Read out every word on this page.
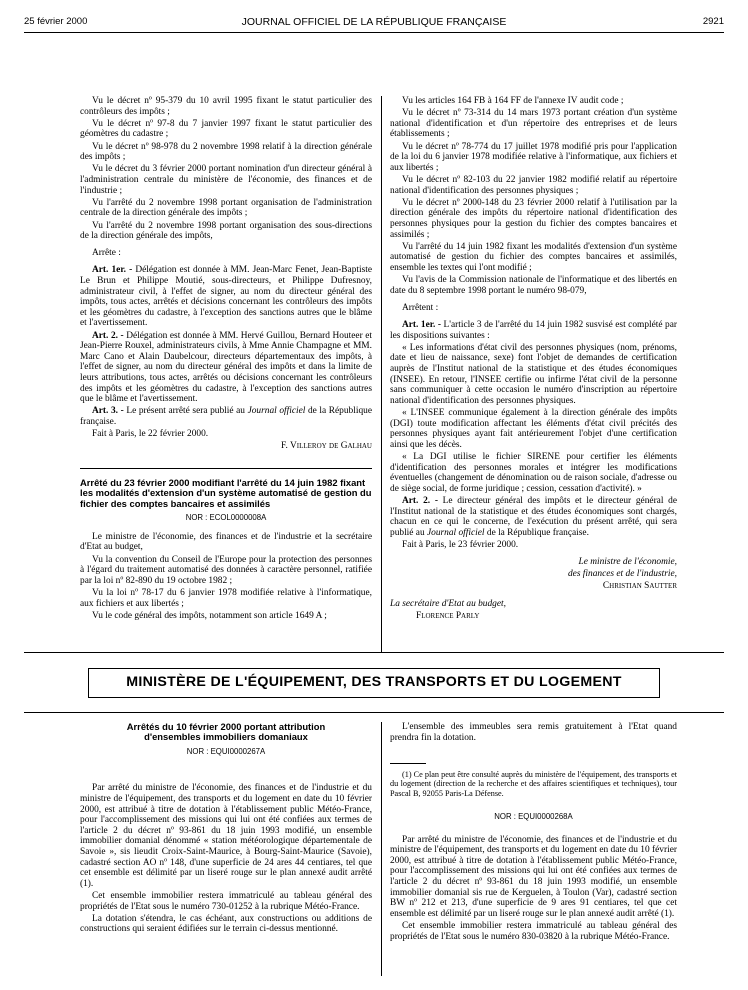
25 février 2000	JOURNAL OFFICIEL DE LA RÉPUBLIQUE FRANÇAISE	2921

Vu le décret nº 95-379 du 10 avril 1995 fixant le statut particulier des contrôleurs des impôts ;

Vu le décret nº 97-8 du 7 janvier 1997 fixant le statut particulier des géomètres du cadastre ;

Vu le décret nº 98-978 du 2 novembre 1998 relatif à la direction générale des impôts ;

Vu le décret du 3 février 2000 portant nomination d'un directeur général à l'administration centrale du ministère de l'économie, des finances et de l'industrie ;

Vu l'arrêté du 2 novembre 1998 portant organisation de l'administration centrale de la direction générale des impôts ;

Vu l'arrêté du 2 novembre 1998 portant organisation des sous-directions de la direction générale des impôts,

Arrête :

Art. 1er. - Délégation est donnée à MM. Jean-Marc Fenet, Jean-Baptiste Le Brun et Philippe Moutié, sous-directeurs, et Philippe Dufresnoy, administrateur civil, à l'effet de signer, au nom du directeur général des impôts, tous actes, arrêtés et décisions concernant les contrôleurs des impôts et les géomètres du cadastre, à l'exception des sanctions autres que le blâme et l'avertissement.

Art. 2. - Délégation est donnée à MM. Hervé Guillou, Bernard Houteer et Jean-Pierre Rouxel, administrateurs civils, à Mme Annie Champagne et MM. Marc Cano et Alain Daubelcour, directeurs départementaux des impôts, à l'effet de signer, au nom du directeur général des impôts et dans la limite de leurs attributions, tous actes, arrêtés ou décisions concernant les contrôleurs des impôts et les géomètres du cadastre, à l'exception des sanctions autres que le blâme et l'avertissement.

Art. 3. - Le présent arrêté sera publié au Journal officiel de la République française.

Fait à Paris, le 22 février 2000.

F. Villeroy de Galhau

Arrêté du 23 février 2000 modifiant l'arrêté du 14 juin 1982 fixant les modalités d'extension d'un système automatisé de gestion du fichier des comptes bancaires et assimilés

NOR : ECOL0000008A

Le ministre de l'économie, des finances et de l'industrie et la secrétaire d'Etat au budget,

Vu la convention du Conseil de l'Europe pour la protection des personnes à l'égard du traitement automatisé des données à caractère personnel, ratifiée par la loi nº 82-890 du 19 octobre 1982 ;

Vu la loi nº 78-17 du 6 janvier 1978 modifiée relative à l'informatique, aux fichiers et aux libertés ;

Vu le code général des impôts, notamment son article 1649 A ;

Vu les articles 164 FB à 164 FF de l'annexe IV audit code ;

Vu le décret nº 73-314 du 14 mars 1973 portant création d'un système national d'identification et d'un répertoire des entreprises et de leurs établissements ;

Vu le décret nº 78-774 du 17 juillet 1978 modifié pris pour l'application de la loi du 6 janvier 1978 modifiée relative à l'informatique, aux fichiers et aux libertés ;

Vu le décret nº 82-103 du 22 janvier 1982 modifié relatif au répertoire national d'identification des personnes physiques ;

Vu le décret nº 2000-148 du 23 février 2000 relatif à l'utilisation par la direction générale des impôts du répertoire national d'identification des personnes physiques pour la gestion du fichier des comptes bancaires et assimilés ;

Vu l'arrêté du 14 juin 1982 fixant les modalités d'extension d'un système automatisé de gestion du fichier des comptes bancaires et assimilés, ensemble les textes qui l'ont modifié ;

Vu l'avis de la Commission nationale de l'informatique et des libertés en date du 8 septembre 1998 portant le numéro 98-079,

Arrêtent :

Art. 1er. - L'article 3 de l'arrêté du 14 juin 1982 susvisé est complété par les dispositions suivantes :

« Les informations d'état civil des personnes physiques (nom, prénoms, date et lieu de naissance, sexe) font l'objet de demandes de certification auprès de l'Institut national de la statistique et des études économiques (INSEE). En retour, l'INSEE certifie ou infirme l'état civil de la personne sans communiquer à cette occasion le numéro d'inscription au répertoire national d'identification des personnes physiques.

« L'INSEE communique également à la direction générale des impôts (DGI) toute modification affectant les éléments d'état civil précités des personnes physiques ayant fait antérieurement l'objet d'une certification ainsi que les décès.

« La DGI utilise le fichier SIRENE pour certifier les éléments d'identification des personnes morales et intégrer les modifications éventuelles (changement de dénomination ou de raison sociale, d'adresse ou de siège social, de forme juridique ; cession, cessation d'activité). »

Art. 2. - Le directeur général des impôts et le directeur général de l'Institut national de la statistique et des études économiques sont chargés, chacun en ce qui le concerne, de l'exécution du présent arrêté, qui sera publié au Journal officiel de la République française.

Fait à Paris, le 23 février 2000.

Le ministre de l'économie,

des finances et de l'industrie,

Christian Sautter

La secrétaire d'Etat au budget,

Florence Parly

MINISTÈRE DE L'ÉQUIPEMENT, DES TRANSPORTS ET DU LOGEMENT

Arrêtés du 10 février 2000 portant attribution d'ensembles immobiliers domaniaux

NOR : EQUI0000267A

Par arrêté du ministre de l'économie, des finances et de l'industrie et du ministre de l'équipement, des transports et du logement en date du 10 février 2000, est attribué à titre de dotation à l'établissement public Météo-France, pour l'accomplissement des missions qui lui ont été confiées aux termes de l'article 2 du décret nº 93-861 du 18 juin 1993 modifié, un ensemble immobilier domanial dénommé « station météorologique départementale de Savoie », sis lieudit Croix-Saint-Maurice, à Bourg-Saint-Maurice (Savoie), cadastré section AO nº 148, d'une superficie de 24 ares 44 centiares, tel que cet ensemble est délimité par un liseré rouge sur le plan annexé audit arrêté (1).

Cet ensemble immobilier restera immatriculé au tableau général des propriétés de l'Etat sous le numéro 730-01252 à la rubrique Météo-France.

La dotation s'étendra, le cas échéant, aux constructions ou additions de constructions qui seraient édifiées sur le terrain ci-dessus mentionné.

L'ensemble des immeubles sera remis gratuitement à l'Etat quand prendra fin la dotation.

(1) Ce plan peut être consulté auprès du ministère de l'équipement, des transports et du logement (direction de la recherche et des affaires scientifiques et techniques), tour Pascal B, 92055 Paris-La Défense.

NOR : EQUI0000268A

Par arrêté du ministre de l'économie, des finances et de l'industrie et du ministre de l'équipement, des transports et du logement en date du 10 février 2000, est attribué à titre de dotation à l'établissement public Météo-France, pour l'accomplissement des missions qui lui ont été confiées aux termes de l'article 2 du décret nº 93-861 du 18 juin 1993 modifié, un ensemble immobilier domanial sis rue de Kerguelen, à Toulon (Var), cadastré section BW nº 212 et 213, d'une superficie de 9 ares 91 centiares, tel que cet ensemble est délimité par un liseré rouge sur le plan annexé audit arrêté (1).

Cet ensemble immobilier restera immatriculé au tableau général des propriétés de l'Etat sous le numéro 830-03820 à la rubrique Météo-France.
